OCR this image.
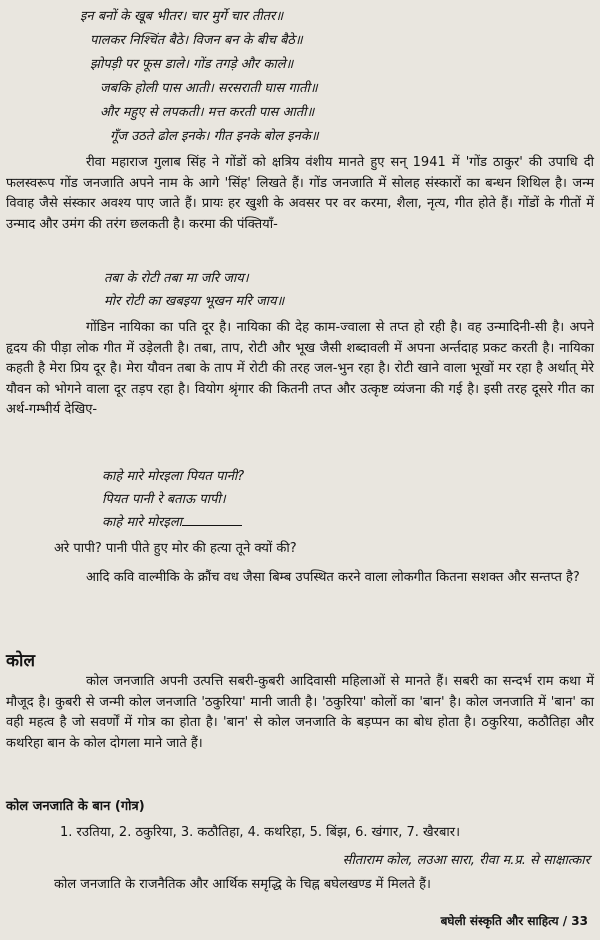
इन बनों के खूब भीतर। चार मुर्गे चार तीतर॥
पालकर निश्चिंत बैठे। विजन बन के बीच बैठे॥
झोपड़ी पर फूस डाले। गोंड तगड़े और काले॥
जबकि होली पास आती। सरसराती घास गाती॥
और महुए से लपकती। मत्त करती पास आती॥
गूँज उठते ढोल इनके। गीत इनके बोल इनके॥

रीवा महाराज गुलाब सिंह ने गोंडों को क्षत्रिय वंशीय मानते हुए सन् 1941 में 'गोंड ठाकुर' की उपाधि दी फलस्वरूप गोंड जनजाति अपने नाम के आगे 'सिंह' लिखते हैं। गोंड जनजाति में सोलह संस्कारों का बन्धन शिथिल है। जन्म विवाह जैसे संस्कार अवश्य पाए जाते हैं। प्रायः हर खुशी के अवसर पर वर करमा, शैला, नृत्य, गीत होते हैं। गोंडों के गीतों में उन्माद और उमंग की तरंग छलकती है। करमा की पंक्तियाँ-

तबा के रोटी तबा मा जरि जाय।
मोर रोटी का खबइया भूखन मरि जाय॥

गोंडिन नायिका का पति दूर है। नायिका की देह काम-ज्वाला से तप्त हो रही है। वह उन्मादिनी-सी है। अपने हृदय की पीड़ा लोक गीत में उड़ेलती है। तबा, ताप, रोटी और भूख जैसी शब्दावली में अपना अर्न्तदाह प्रकट करती है। नायिका कहती है मेरा प्रिय दूर है। मेरा यौवन तबा के ताप में रोटी की तरह जल-भुन रहा है। रोटी खाने वाला भूखों मर रहा है अर्थात् मेरे यौवन को भोगने वाला दूर तड़प रहा है। वियोग श्रृंगार की कितनी तप्त और उत्कृष्ट व्यंजना की गई है। इसी तरह दूसरे गीत का अर्थ-गम्भीर्य देखिए-

काहे मारे मोरइला पियत पानी?
पियत पानी रे बताऊ पापी।
काहे मारे मोरइला
अरे पापी? पानी पीते हुए मोर की हत्या तूने क्यों की?

आदि कवि वाल्मीकि के क्रौंच वध जैसा बिम्ब उपस्थित करने वाला लोकगीत कितना सशक्त और सन्तप्त है?

कोल

कोल जनजाति अपनी उत्पत्ति सबरी-कुबरी आदिवासी महिलाओं से मानते हैं। सबरी का सन्दर्भ राम कथा में मौजूद है। कुबरी से जन्मी कोल जनजाति 'ठकुरिया' मानी जाती है। 'ठकुरिया' कोलों का 'बान' है। कोल जनजाति में 'बान' का वही महत्व है जो सवर्णों में गोत्र का होता है। 'बान' से कोल जनजाति के बड़प्पन का बोध होता है। ठकुरिया, कठौतिहा और कथरिहा बान के कोल दोगला माने जाते हैं।

कोल जनजाति के बान (गोत्र)
1. रउतिया, 2. ठकुरिया, 3. कठौतिहा, 4. कथरिहा, 5. बिंझ, 6. खंगार, 7. खैरबार।
सीताराम कोल, लउआ सारा, रीवा म.प्र. से साक्षात्कार
कोल जनजाति के राजनैतिक और आर्थिक समृद्धि के चिह्न बघेलखण्ड में मिलते हैं।
बघेली संस्कृति और साहित्य / 33
